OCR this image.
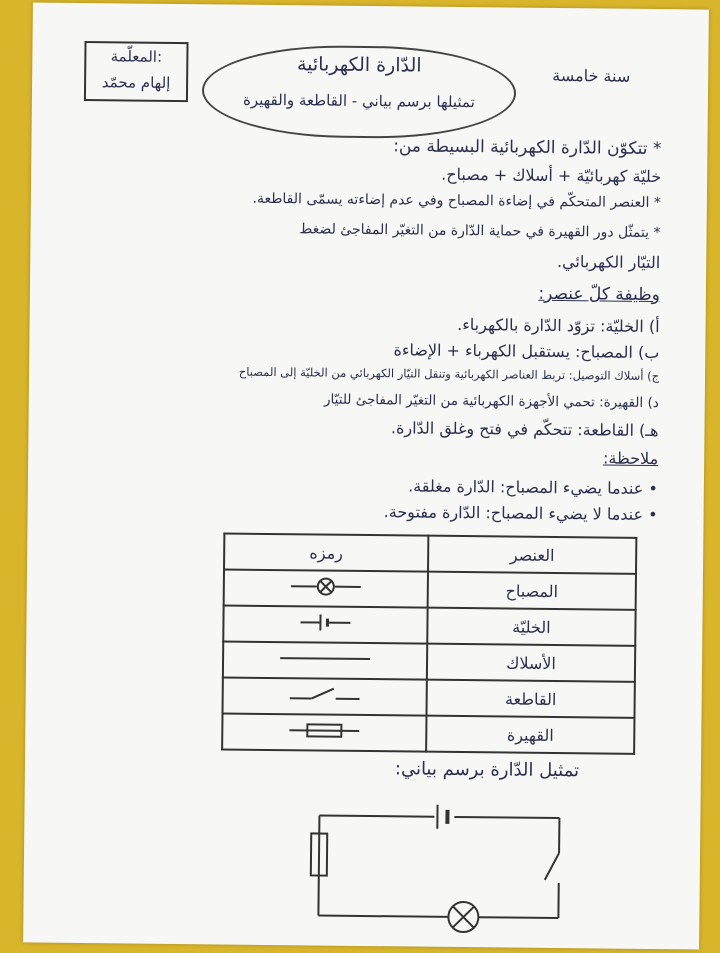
المعلّمة:
إلهام محمّد
الدّارة الكهربائية
تمثيلها برسم بياني - القاطعة والقهيرة
سنة خامسة
* تتكوّن الدّارة الكهربائية البسيطة من:
خليّة كهربائيّة + أسلاك + مصباح.
* العنصر المتحكّم في إضاءة المصباح وفي عدم إضاءته يسمّى القاطعة.
* يتمثّل دور القهيرة في حماية الدّارة من التغيّر المفاجئ لضغط
التيّار الكهربائي.
وظيفة كلّ عنصر:
أ) الخليّة: تزوّد الدّارة بالكهرباء.
ب) المصباح: يستقبل الكهرباء + الإضاءة
ج) أسلاك التوصيل: تربط العناصر الكهربائية وتنقل التيّار الكهربائي من الخليّة إلى المصباح
د) القهيرة: تحمي الأجهزة الكهربائية من التغيّر المفاجئ للتيّار
هـ) القاطعة: تتحكّم في فتح وغلق الدّارة.
ملاحظة:
• عندما يضيء المصباح: الدّارة مغلقة.
• عندما لا يضيء المصباح: الدّارة مفتوحة.
رمزه	العنصر
	المصباح
	الخليّة
	الأسلاك
	القاطعة
	القهيرة
تمثيل الدّارة برسم بياني:
